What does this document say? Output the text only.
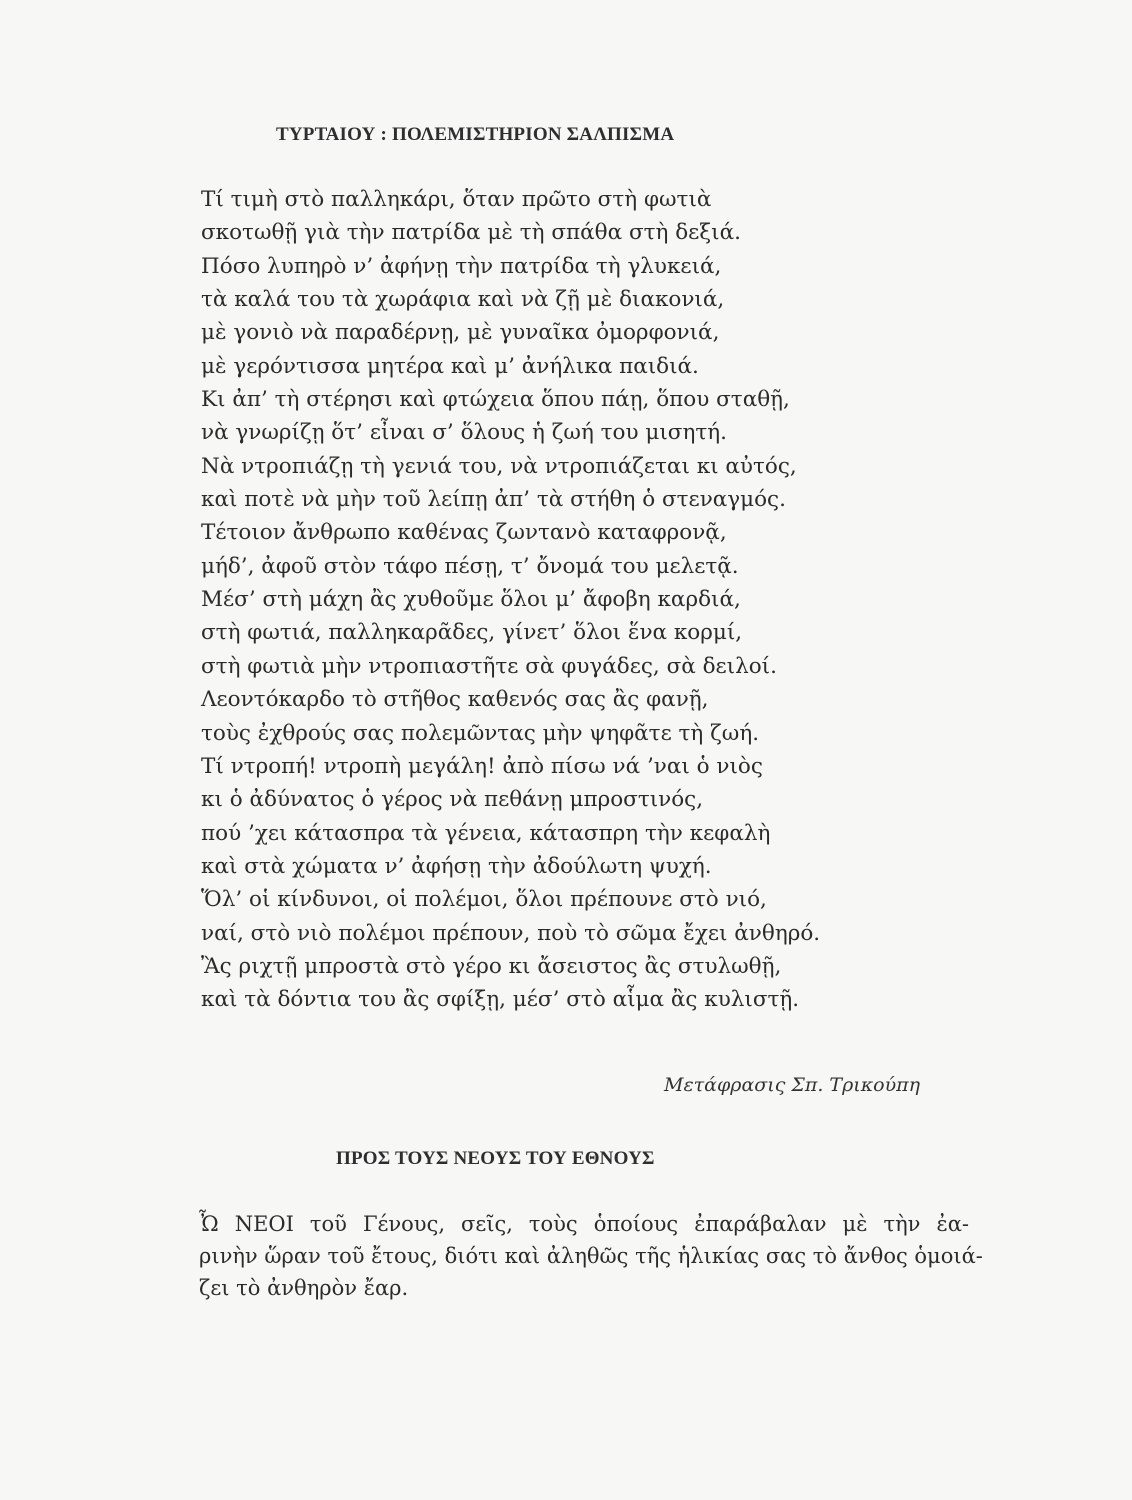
ΤΥΡΤΑΙΟΥ : ΠΟΛΕΜΙΣΤΗΡΙΟΝ ΣΑΛΠΙΣΜΑ
Τί τιμὴ στὸ παλληκάρι, ὅταν πρῶτο στὴ φωτιὰ
σκοτωθῇ γιὰ τὴν πατρίδα μὲ τὴ σπάθα στὴ δεξιά.
Πόσο λυπηρὸ ν’ ἀφήνῃ τὴν πατρίδα τὴ γλυκειά,
τὰ καλά του τὰ χωράφια καὶ νὰ ζῇ μὲ διακονιά,
μὲ γονιὸ νὰ παραδέρνῃ, μὲ γυναῖκα ὀμορφονιά,
μὲ γερόντισσα μητέρα καὶ μ’ ἀνήλικα παιδιά.
Κι ἀπ’ τὴ στέρησι καὶ φτώχεια ὅπου πάῃ, ὅπου σταθῇ,
νὰ γνωρίζῃ ὅτ’ εἶναι σ’ ὅλους ἡ ζωή του μισητή.
Νὰ ντροπιάζῃ τὴ γενιά του, νὰ ντροπιάζεται κι αὐτός,
καὶ ποτὲ νὰ μὴν τοῦ λείπῃ ἀπ’ τὰ στήθη ὁ στεναγμός.
Τέτοιον ἄνθρωπο καθένας ζωντανὸ καταφρονᾷ,
μήδ’, ἀφοῦ στὸν τάφο πέσῃ, τ’ ὄνομά του μελετᾷ.
Μέσ’ στὴ μάχη ἂς χυθοῦμε ὅλοι μ’ ἄφοβη καρδιά,
στὴ φωτιά, παλληκαρᾶδες, γίνετ’ ὅλοι ἕνα κορμί,
στὴ φωτιὰ μὴν ντροπιαστῆτε σὰ φυγάδες, σὰ δειλοί.
Λεοντόκαρδο τὸ στῆθος καθενός σας ἂς φανῇ,
τοὺς ἐχθρούς σας πολεμῶντας μὴν ψηφᾶτε τὴ ζωή.
Τί ντροπή! ντροπὴ μεγάλη! ἀπὸ πίσω νά ’ναι ὁ νιὸς
κι ὁ ἀδύνατος ὁ γέρος νὰ πεθάνῃ μπροστινός,
πού ’χει κάτασπρα τὰ γένεια, κάτασπρη τὴν κεφαλὴ
καὶ στὰ χώματα ν’ ἀφήσῃ τὴν ἀδούλωτη ψυχή.
Ὅλ’ οἱ κίνδυνοι, οἱ πολέμοι, ὅλοι πρέπουνε στὸ νιό,
ναί, στὸ νιὸ πολέμοι πρέπουν, ποὺ τὸ σῶμα ἔχει ἀνθηρό.
Ἂς ριχτῇ μπροστὰ στὸ γέρο κι ἄσειστος ἂς στυλωθῇ,
καὶ τὰ δόντια του ἂς σφίξῃ, μέσ’ στὸ αἷμα ἂς κυλιστῇ.
Μετάφρασις Σπ. Τρικούπη
ΠΡΟΣ ΤΟΥΣ ΝΕΟΥΣ ΤΟΥ ΕΘΝΟΥΣ
Ὦ ΝΕΟΙ τοῦ Γένους, σεῖς, τοὺς ὁποίους ἐπαράβαλαν μὲ τὴν ἐα-
ρινὴν ὥραν τοῦ ἔτους, διότι καὶ ἀληθῶς τῆς ἡλικίας σας τὸ ἄνθος ὁμοιά-
ζει τὸ ἀνθηρὸν ἔαρ.
